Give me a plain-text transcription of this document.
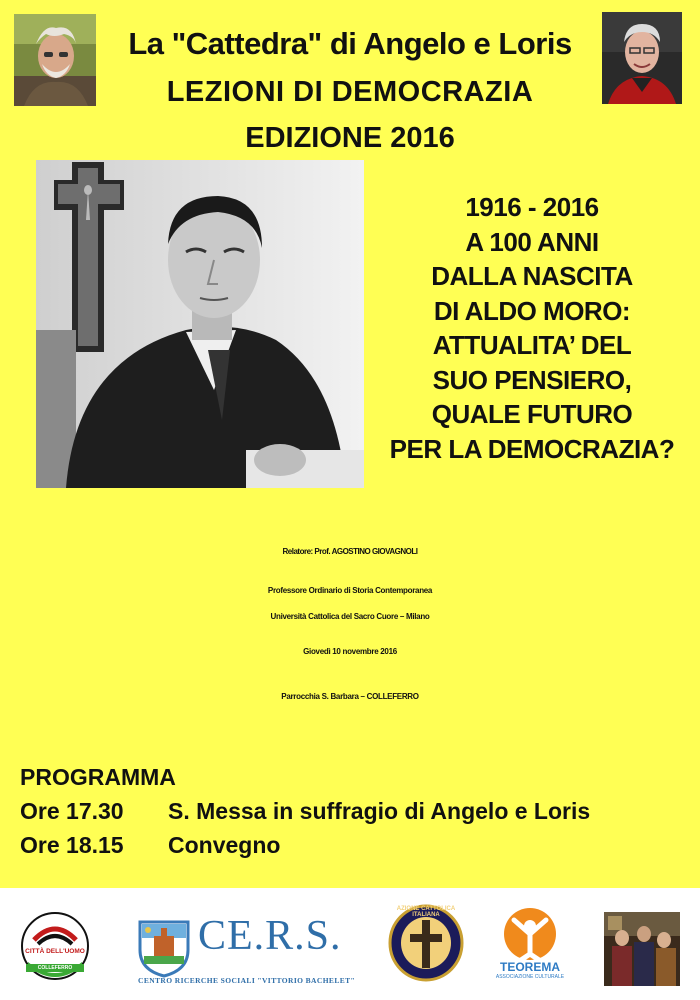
La "Cattedra" di Angelo e Loris
LEZIONI DI DEMOCRAZIA
EDIZIONE 2016
1916 - 2016
A 100 ANNI
DALLA NASCITA
DI ALDO MORO:
ATTUALITA’ DEL
SUO PENSIERO,
QUALE FUTURO
PER LA DEMOCRAZIA?
Relatore: Prof. AGOSTINO GIOVAGNOLI
Professore Ordinario di Storia Contemporanea
Università Cattolica del Sacro Cuore – Milano
Giovedì 10 novembre 2016
Parrocchia S. Barbara – COLLEFERRO
PROGRAMMA
Ore 17.30 S. Messa in suffragio di Angelo e Loris
Ore 18.15 Convegno
CITTÀ DELL'UOMO
COLLEFERRO
CE.R.S.
CENTRO RICERCHE SOCIALI "VITTORIO BACHELET"
AZIONE CATTOLICA ITALIANA
TEOREMA
ASSOCIAZIONE CULTURALE
